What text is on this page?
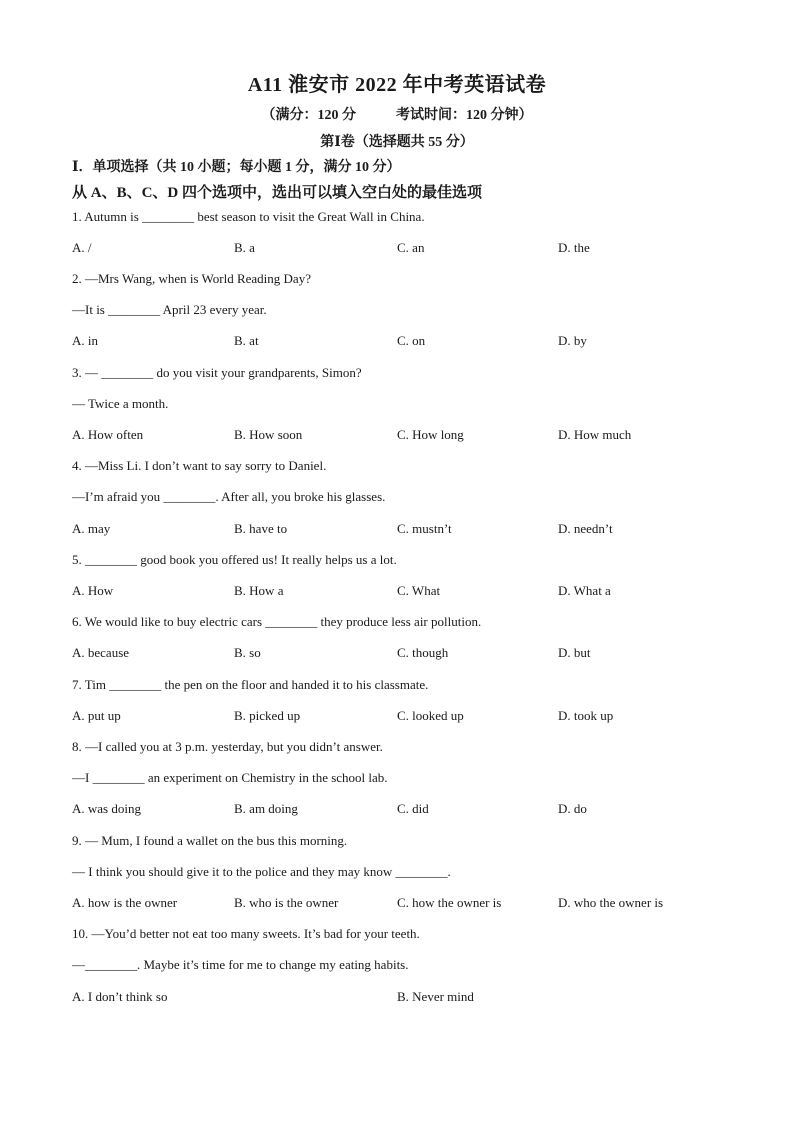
A11 淮安市 2022 年中考英语试卷
（满分：120 分	考试时间：120 分钟）
第Ⅰ卷（选择题共 55 分）
Ⅰ．单项选择（共 10 小题；每小题 1 分，满分 10 分）
从 A、B、C、D 四个选项中，选出可以填入空白处的最佳选项
1. Autumn is ________ best season to visit the Great Wall in China.
A. /	B. a	C. an	D. the
2. —Mrs Wang, when is World Reading Day?
—It is ________ April 23 every year.
A. in	B. at	C. on	D. by
3. — ________ do you visit your grandparents, Simon?
— Twice a month.
A. How often	B. How soon	C. How long	D. How much
4. —Miss Li. I don’t want to say sorry to Daniel.
—I’m afraid you ________. After all, you broke his glasses.
A. may	B. have to	C. mustn’t	D. needn’t
5. ________ good book you offered us! It really helps us a lot.
A. How	B. How a	C. What	D. What a
6. We would like to buy electric cars ________ they produce less air pollution.
A. because	B. so	C. though	D. but
7. Tim ________ the pen on the floor and handed it to his classmate.
A. put up	B. picked up	C. looked up	D. took up
8. —I called you at 3 p.m. yesterday, but you didn’t answer.
—I ________ an experiment on Chemistry in the school lab.
A. was doing	B. am doing	C. did	D. do
9. — Mum, I found a wallet on the bus this morning.
— I think you should give it to the police and they may know ________.
A. how is the owner	B. who is the owner	C. how the owner is	D. who the owner is
10. —You’d better not eat too many sweets. It’s bad for your teeth.
—________. Maybe it’s time for me to change my eating habits.
A. I don’t think so	B. Never mind
